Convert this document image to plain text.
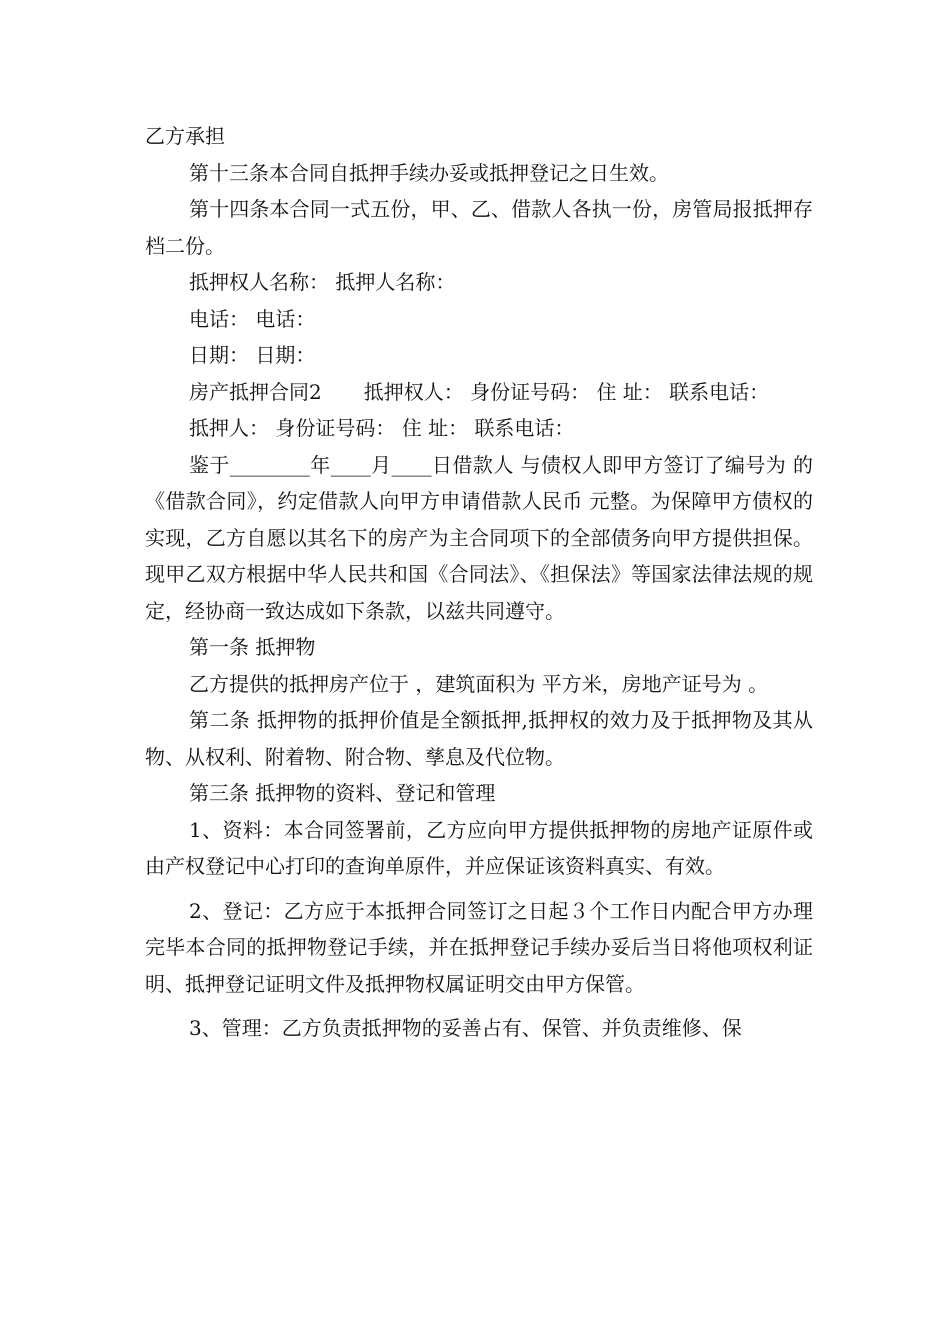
乙方承担

第十三条本合同自抵押手续办妥或抵押登记之日生效。

第十四条本合同一式五份，甲、乙、借款人各执一份，房管局报抵押存档二份。

抵押权人名称： 抵押人名称：

电话： 电话：

日期： 日期：

房产抵押合同2 抵押权人： 身份证号码： 住 址： 联系电话：

抵押人： 身份证号码： 住 址： 联系电话：

鉴于________年____月____日借款人 与债权人即甲方签订了编号为 的《借款合同》，约定借款人向甲方申请借款人民币 元整。为保障甲方债权的实现，乙方自愿以其名下的房产为主合同项下的全部债务向甲方提供担保。现甲乙双方根据中华人民共和国《合同法》、《担保法》等国家法律法规的规定，经协商一致达成如下条款，以兹共同遵守。

第一条 抵押物

乙方提供的抵押房产位于 ，建筑面积为 平方米，房地产证号为 。

第二条 抵押物的抵押价值是全额抵押,抵押权的效力及于抵押物及其从物、从权利、附着物、附合物、孳息及代位物。

第三条 抵押物的资料、登记和管理

1、资料：本合同签署前，乙方应向甲方提供抵押物的房地产证原件或由产权登记中心打印的查询单原件，并应保证该资料真实、有效。

2、登记：乙方应于本抵押合同签订之日起３个工作日内配合甲方办理完毕本合同的抵押物登记手续，并在抵押登记手续办妥后当日将他项权利证明、抵押登记证明文件及抵押物权属证明交由甲方保管。

3、管理：乙方负责抵押物的妥善占有、保管、并负责维修、保
